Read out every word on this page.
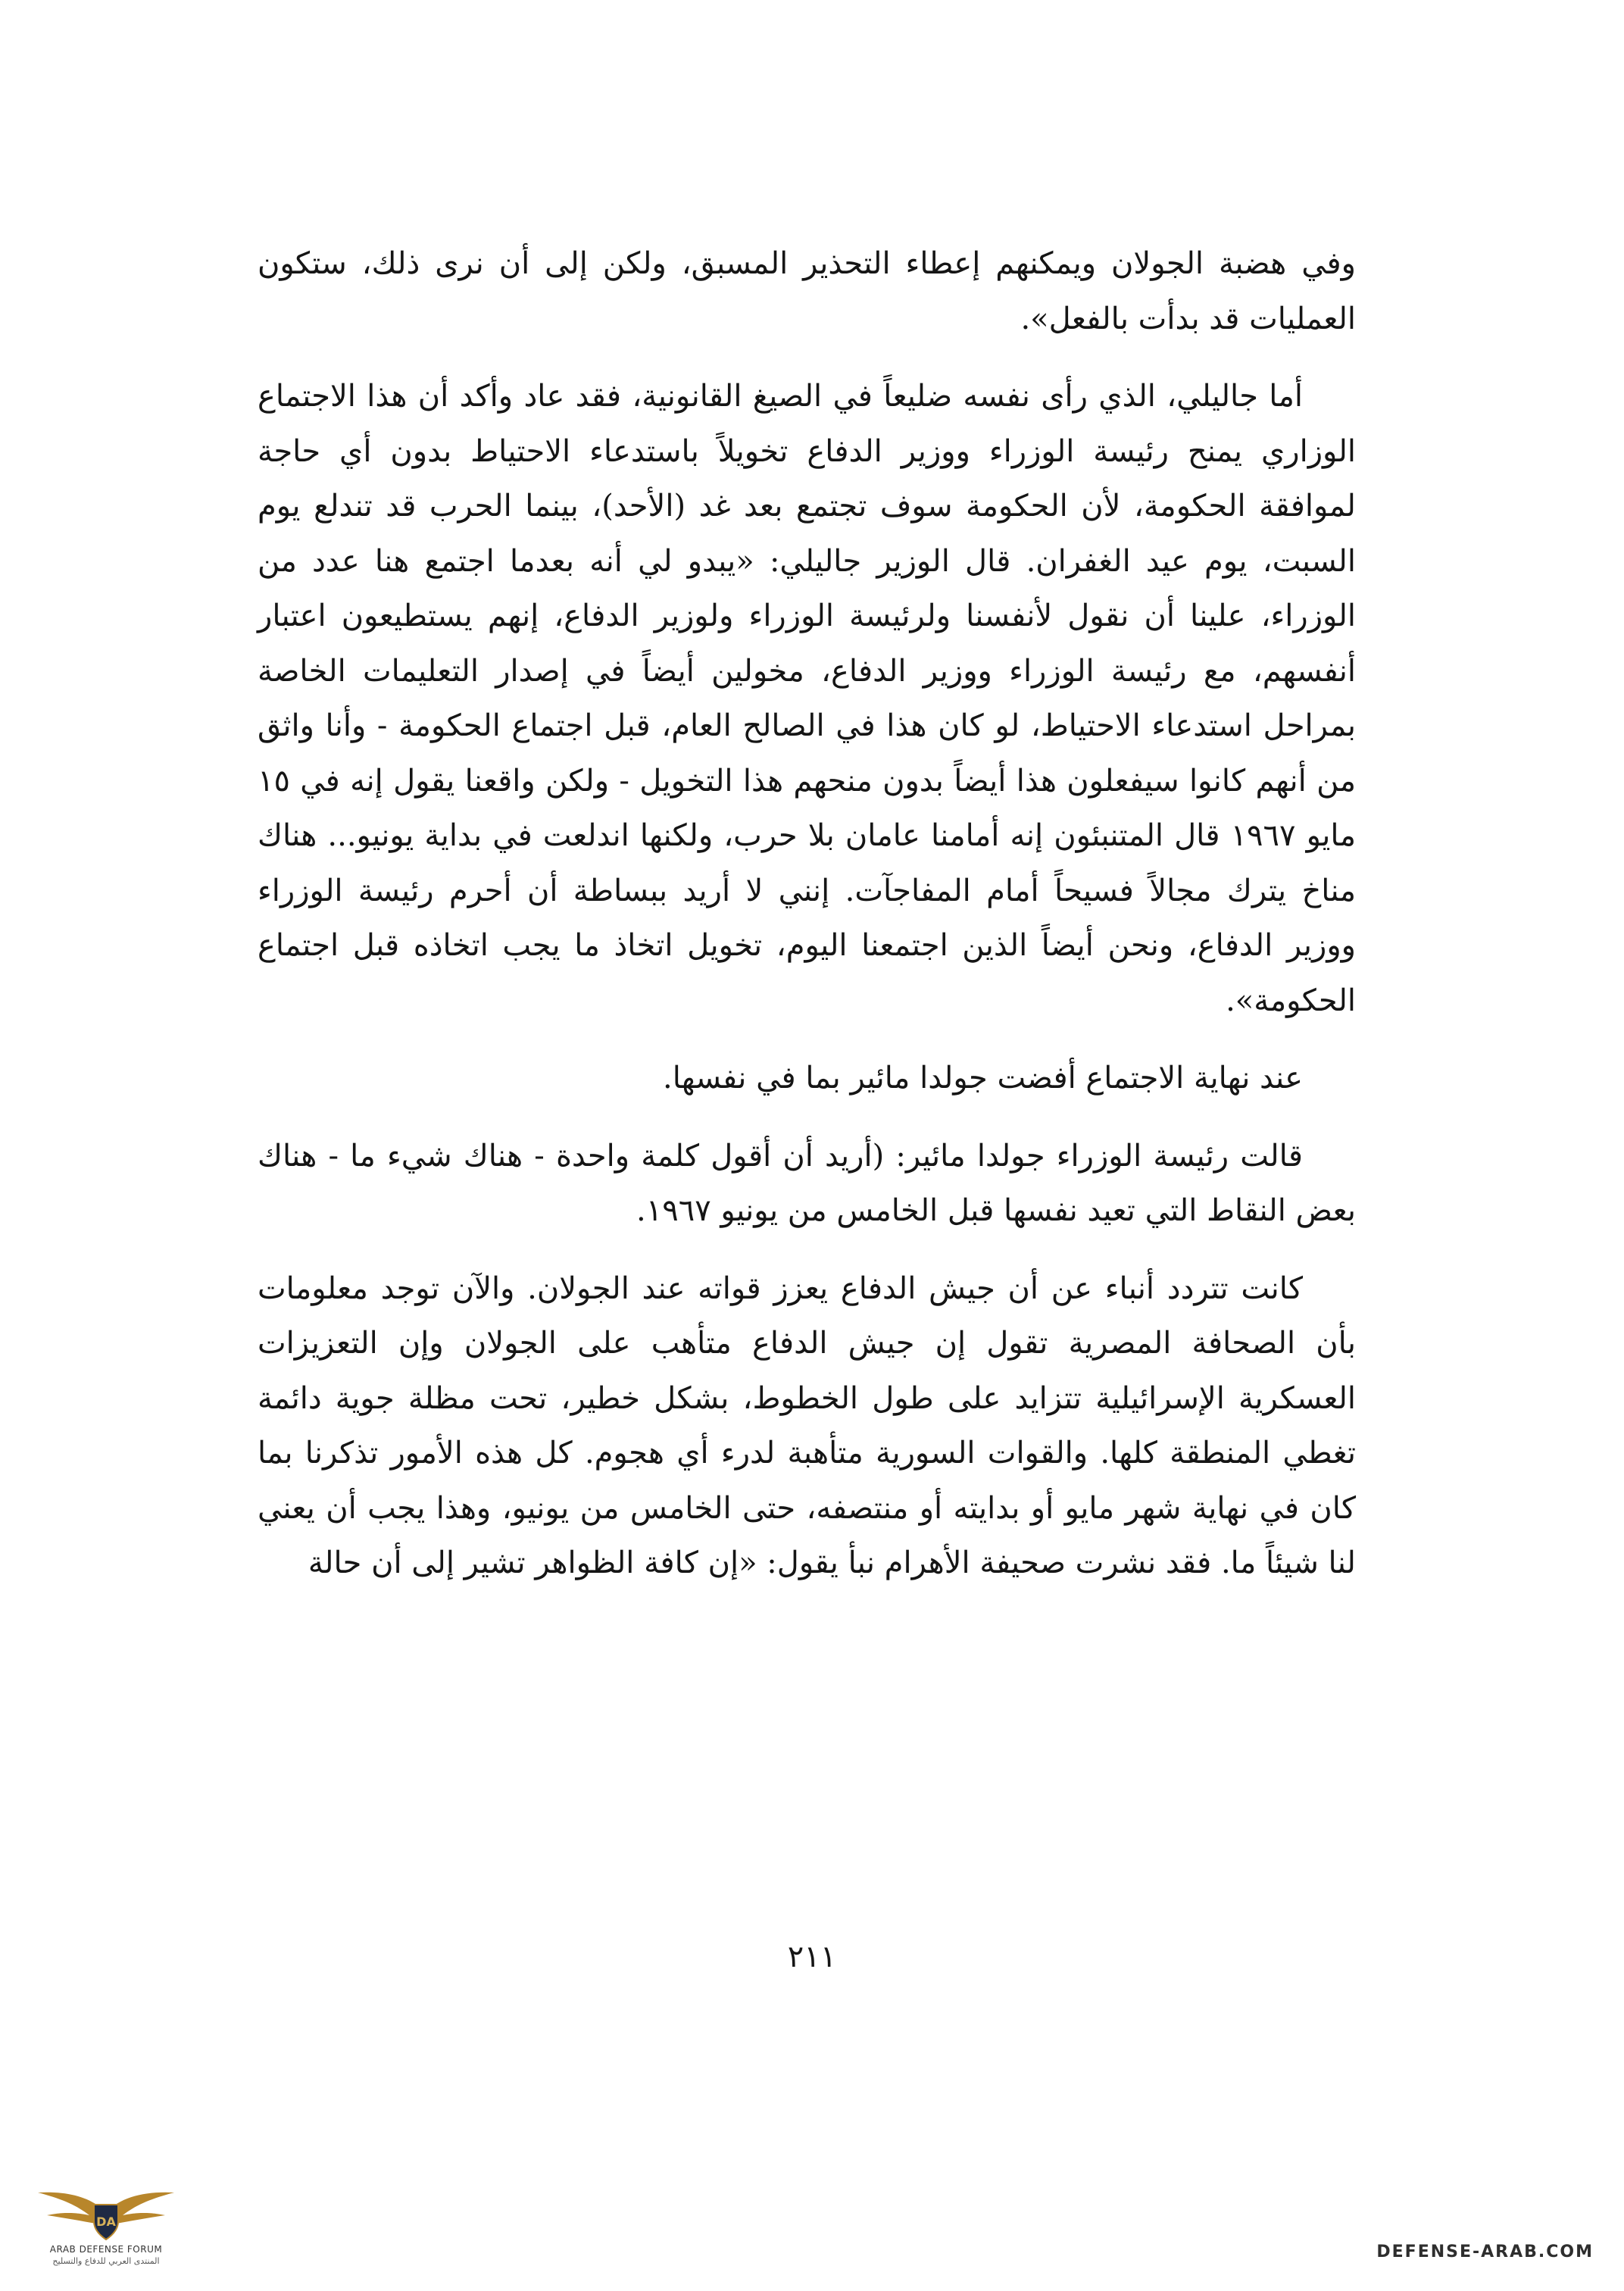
وفي هضبة الجولان ويمكنهم إعطاء التحذير المسبق، ولكن إلى أن نرى ذلك، ستكون العمليات قد بدأت بالفعل».

أما جاليلي، الذي رأى نفسه ضليعاً في الصيغ القانونية، فقد عاد وأكد أن هذا الاجتماع الوزاري يمنح رئيسة الوزراء ووزير الدفاع تخويلاً باستدعاء الاحتياط بدون أي حاجة لموافقة الحكومة، لأن الحكومة سوف تجتمع بعد غد (الأحد)، بينما الحرب قد تندلع يوم السبت، يوم عيد الغفران. قال الوزير جاليلي: «يبدو لي أنه بعدما اجتمع هنا عدد من الوزراء، علينا أن نقول لأنفسنا ولرئيسة الوزراء ولوزير الدفاع، إنهم يستطيعون اعتبار أنفسهم، مع رئيسة الوزراء ووزير الدفاع، مخولين أيضاً في إصدار التعليمات الخاصة بمراحل استدعاء الاحتياط، لو كان هذا في الصالح العام، قبل اجتماع الحكومة - وأنا واثق من أنهم كانوا سيفعلون هذا أيضاً بدون منحهم هذا التخويل - ولكن واقعنا يقول إنه في ١٥ مايو ١٩٦٧ قال المتنبئون إنه أمامنا عامان بلا حرب، ولكنها اندلعت في بداية يونيو... هناك مناخ يترك مجالاً فسيحاً أمام المفاجآت. إنني لا أريد ببساطة أن أحرم رئيسة الوزراء ووزير الدفاع، ونحن أيضاً الذين اجتمعنا اليوم، تخويل اتخاذ ما يجب اتخاذه قبل اجتماع الحكومة».

عند نهاية الاجتماع أفضت جولدا مائير بما في نفسها.

قالت رئيسة الوزراء جولدا مائير: (أريد أن أقول كلمة واحدة - هناك شيء ما - هناك بعض النقاط التي تعيد نفسها قبل الخامس من يونيو ١٩٦٧.

كانت تتردد أنباء عن أن جيش الدفاع يعزز قواته عند الجولان. والآن توجد معلومات بأن الصحافة المصرية تقول إن جيش الدفاع متأهب على الجولان وإن التعزيزات العسكرية الإسرائيلية تتزايد على طول الخطوط، بشكل خطير، تحت مظلة جوية دائمة تغطي المنطقة كلها. والقوات السورية متأهبة لدرء أي هجوم. كل هذه الأمور تذكرنا بما كان في نهاية شهر مايو أو بدايته أو منتصفه، حتى الخامس من يونيو، وهذا يجب أن يعني لنا شيئاً ما. فقد نشرت صحيفة الأهرام نبأ يقول: «إن كافة الظواهر تشير إلى أن حالة

٢١١
DA
ARAB DEFENSE FORUM
المنتدى العربي للدفاع والتسليح	DEFENSE-ARAB.COM
